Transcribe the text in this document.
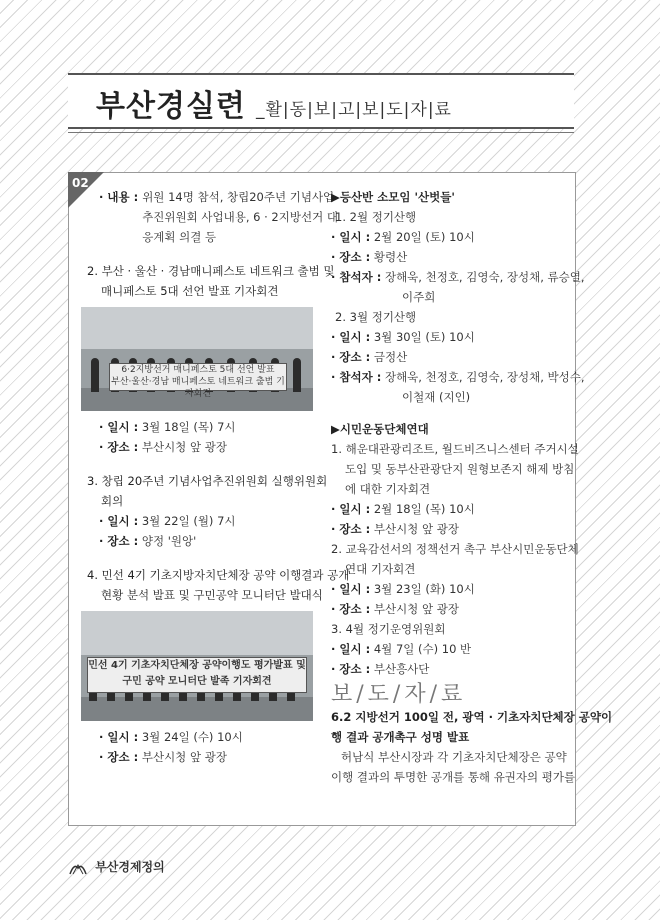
부산경실련 _활|동|보|고|보|도|자|료
02
· 내용 : 위원 14명 참석, 창립20주년 기념사업
추진위원회 사업내용, 6 · 2지방선거 대
응계획 의결 등
2. 부산 · 울산 · 경남매니페스토 네트워크 출범 및
매니페스토 5대 선언 발표 기자회견
6·2지방선거 매니페스토 5대 선언 발표
부산·울산·경남 매니페스토 네트워크 출범 기자회견
· 일시 : 3월 18일 (목) 7시
· 장소 : 부산시청 앞 광장
3. 창립 20주년 기념사업추진위원회 실행위원회
회의
· 일시 : 3월 22일 (월) 7시
· 장소 : 양정 '원앙'
4. 민선 4기 기초지방자치단체장 공약 이행결과 공개
현황 분석 발표 및 구민공약 모니터단 발대식
민선 4기 기초자치단체장 공약이행도 평가발표 및
구민 공약 모니터단 발족 기자회견
· 일시 : 3월 24일 (수) 10시
· 장소 : 부산시청 앞 광장
▶등산반 소모임 '산벗들'
1. 2월 정기산행
· 일시 : 2월 20일 (토) 10시
· 장소 : 황령산
· 참석자 : 장해욱, 천정호, 김영숙, 장성채, 류승열,
이주희
2. 3월 정기산행
· 일시 : 3월 30일 (토) 10시
· 장소 : 금정산
· 참석자 : 장해욱, 천정호, 김영숙, 장성채, 박성수,
이철재 (지인)
▶시민운동단체연대
1. 해운대관광리조트, 월드비즈니스센터 주거시설
도입 및 동부산관광단지 원형보존지 해제 방침
에 대한 기자회견
· 일시 : 2월 18일 (목) 10시
· 장소 : 부산시청 앞 광장
2. 교육감선서의 정책선거 촉구 부산시민운동단체
연대 기자회견
· 일시 : 3월 23일 (화) 10시
· 장소 : 부산시청 앞 광장
3. 4월 정기운영위원회
· 일시 : 4월 7일 (수) 10 반
· 장소 : 부산흥사단
보/도/자/료
6.2 지방선거 100일 전, 광역 · 기초자치단체장 공약이
행 결과 공개촉구 성명 발표
허남식 부산시장과 각 기초자치단체장은 공약
이행 결과의 투명한 공개를 통해 유권자의 평가를
부산경제정의
